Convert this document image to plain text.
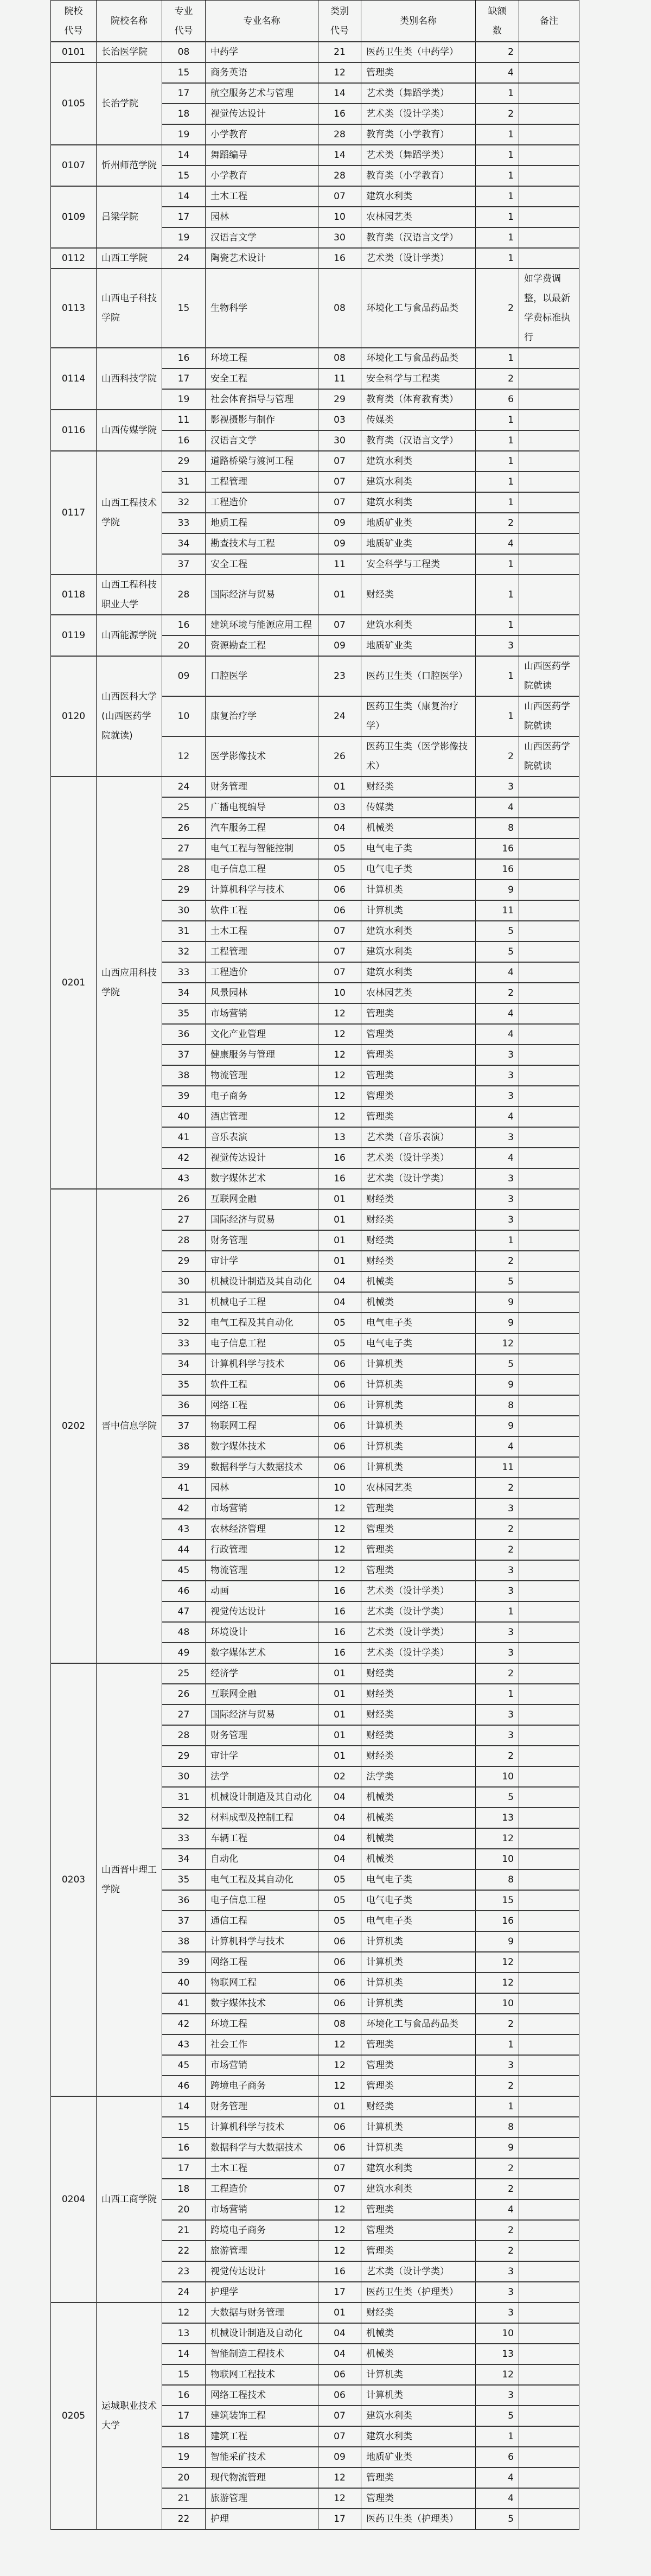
院校代号	院校名称	专业代号	专业名称	类别代号	类别名称	缺额数	备注
0101	长治医学院	08	中药学	21	医药卫生类（中药学）	2	
0105	长治学院	15	商务英语	12	管理类	4	
		17	航空服务艺术与管理	14	艺术类（舞蹈学类）	1	
		18	视觉传达设计	16	艺术类（设计学类）	2	
		19	小学教育	28	教育类（小学教育）	1	
0107	忻州师范学院	14	舞蹈编导	14	艺术类（舞蹈学类）	1	
		15	小学教育	28	教育类（小学教育）	1	
0109	吕梁学院	14	土木工程	07	建筑水利类	1	
		17	园林	10	农林园艺类	1	
		19	汉语言文学	30	教育类（汉语言文学）	1	
0112	山西工学院	24	陶瓷艺术设计	16	艺术类（设计学类）	1	
0113	山西电子科技学院	15	生物科学	08	环境化工与食品药品类	2	如学费调整，以最新学费标准执行
0114	山西科技学院	16	环境工程	08	环境化工与食品药品类	1	
		17	安全工程	11	安全科学与工程类	2	
		19	社会体育指导与管理	29	教育类（体育教育类）	6	
0116	山西传媒学院	11	影视摄影与制作	03	传媒类	1	
		16	汉语言文学	30	教育类（汉语言文学）	1	
0117	山西工程技术学院	29	道路桥梁与渡河工程	07	建筑水利类	1	
		31	工程管理	07	建筑水利类	1	
		32	工程造价	07	建筑水利类	1	
		33	地质工程	09	地质矿业类	2	
		34	勘查技术与工程	09	地质矿业类	4	
		37	安全工程	11	安全科学与工程类	1	
0118	山西工程科技职业大学	28	国际经济与贸易	01	财经类	1	
0119	山西能源学院	16	建筑环境与能源应用工程	07	建筑水利类	1	
		20	资源勘查工程	09	地质矿业类	3	
0120	山西医科大学(山西医药学院就读)	09	口腔医学	23	医药卫生类（口腔医学）	1	山西医药学院就读
		10	康复治疗学	24	医药卫生类（康复治疗学）	1	山西医药学院就读
		12	医学影像技术	26	医药卫生类（医学影像技术）	2	山西医药学院就读
0201	山西应用科技学院	24	财务管理	01	财经类	3	
		25	广播电视编导	03	传媒类	4	
		26	汽车服务工程	04	机械类	8	
		27	电气工程与智能控制	05	电气电子类	16	
		28	电子信息工程	05	电气电子类	16	
		29	计算机科学与技术	06	计算机类	9	
		30	软件工程	06	计算机类	11	
		31	土木工程	07	建筑水利类	5	
		32	工程管理	07	建筑水利类	5	
		33	工程造价	07	建筑水利类	4	
		34	风景园林	10	农林园艺类	2	
		35	市场营销	12	管理类	4	
		36	文化产业管理	12	管理类	4	
		37	健康服务与管理	12	管理类	3	
		38	物流管理	12	管理类	3	
		39	电子商务	12	管理类	3	
		40	酒店管理	12	管理类	4	
		41	音乐表演	13	艺术类（音乐表演）	3	
		42	视觉传达设计	16	艺术类（设计学类）	4	
		43	数字媒体艺术	16	艺术类（设计学类）	3	
0202	晋中信息学院	26	互联网金融	01	财经类	3	
		27	国际经济与贸易	01	财经类	3	
		28	财务管理	01	财经类	1	
		29	审计学	01	财经类	2	
		30	机械设计制造及其自动化	04	机械类	5	
		31	机械电子工程	04	机械类	9	
		32	电气工程及其自动化	05	电气电子类	9	
		33	电子信息工程	05	电气电子类	12	
		34	计算机科学与技术	06	计算机类	5	
		35	软件工程	06	计算机类	9	
		36	网络工程	06	计算机类	8	
		37	物联网工程	06	计算机类	9	
		38	数字媒体技术	06	计算机类	4	
		39	数据科学与大数据技术	06	计算机类	11	
		41	园林	10	农林园艺类	2	
		42	市场营销	12	管理类	3	
		43	农林经济管理	12	管理类	2	
		44	行政管理	12	管理类	2	
		45	物流管理	12	管理类	3	
		46	动画	16	艺术类（设计学类）	3	
		47	视觉传达设计	16	艺术类（设计学类）	1	
		48	环境设计	16	艺术类（设计学类）	3	
		49	数字媒体艺术	16	艺术类（设计学类）	3	
0203	山西晋中理工学院	25	经济学	01	财经类	2	
		26	互联网金融	01	财经类	1	
		27	国际经济与贸易	01	财经类	3	
		28	财务管理	01	财经类	3	
		29	审计学	01	财经类	2	
		30	法学	02	法学类	10	
		31	机械设计制造及其自动化	04	机械类	5	
		32	材料成型及控制工程	04	机械类	13	
		33	车辆工程	04	机械类	12	
		34	自动化	04	机械类	10	
		35	电气工程及其自动化	05	电气电子类	8	
		36	电子信息工程	05	电气电子类	15	
		37	通信工程	05	电气电子类	16	
		38	计算机科学与技术	06	计算机类	9	
		39	网络工程	06	计算机类	12	
		40	物联网工程	06	计算机类	12	
		41	数字媒体技术	06	计算机类	10	
		42	环境工程	08	环境化工与食品药品类	2	
		43	社会工作	12	管理类	1	
		45	市场营销	12	管理类	3	
		46	跨境电子商务	12	管理类	2	
0204	山西工商学院	14	财务管理	01	财经类	1	
		15	计算机科学与技术	06	计算机类	8	
		16	数据科学与大数据技术	06	计算机类	9	
		17	土木工程	07	建筑水利类	2	
		18	工程造价	07	建筑水利类	2	
		20	市场营销	12	管理类	4	
		21	跨境电子商务	12	管理类	2	
		22	旅游管理	12	管理类	2	
		23	视觉传达设计	16	艺术类（设计学类）	3	
		24	护理学	17	医药卫生类（护理类）	3	
0205	运城职业技术大学	12	大数据与财务管理	01	财经类	3	
		13	机械设计制造及自动化	04	机械类	10	
		14	智能制造工程技术	04	机械类	13	
		15	物联网工程技术	06	计算机类	12	
		16	网络工程技术	06	计算机类	3	
		17	建筑装饰工程	07	建筑水利类	5	
		18	建筑工程	07	建筑水利类	1	
		19	智能采矿技术	09	地质矿业类	6	
		20	现代物流管理	12	管理类	4	
		21	旅游管理	12	管理类	4	
		22	护理	17	医药卫生类（护理类）	5	
